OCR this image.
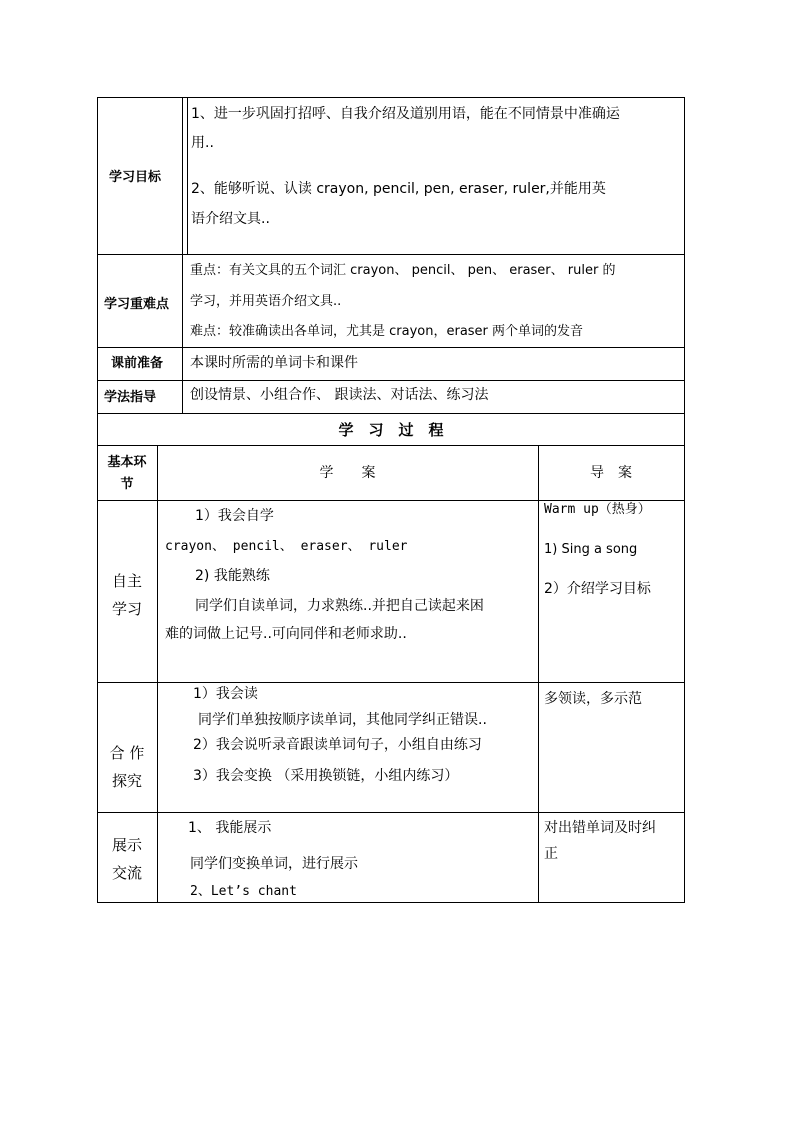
学习目标
1、进一步巩固打招呼、自我介绍及道别用语，能在不同情景中准确运
用..
2、能够听说、认读 crayon, pencil, pen, eraser, ruler,并能用英
语介绍文具..
学习重难点
重点：有关文具的五个词汇 crayon、 pencil、 pen、 eraser、 ruler 的
学习，并用英语介绍文具..
难点：较准确读出各单词，尤其是 crayon，eraser 两个单词的发音
课前准备 本课时所需的单词卡和课件
学法指导 创设情景、小组合作、 跟读法、对话法、练习法
学　习　过　程
基本环
节
学　　案	导　案
自主
学习
1）我会自学
crayon、 pencil、 eraser、 ruler
2) 我能熟练
同学们自读单词，力求熟练..并把自己读起来困
难的词做上记号..可向同伴和老师求助..
Warm up（热身）
1) Sing a song
2）介绍学习目标
合 作
探究
1）我会读
同学们单独按顺序读单词，其他同学纠正错误..
2）我会说听录音跟读单词句子，小组自由练习
3）我会变换 （采用换锁链，小组内练习）
多领读，多示范
展示
交流
1、 我能展示
同学们变换单词，进行展示
2、Let’s chant
对出错单词及时纠
正
